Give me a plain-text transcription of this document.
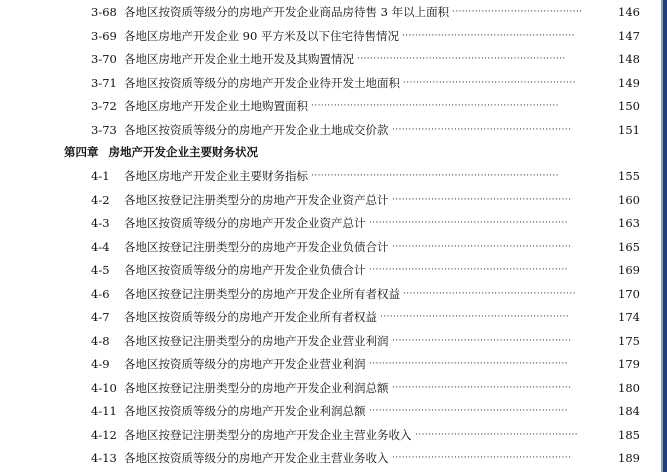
3-68 各地区按资质等级分的房地产开发企业商品房待售 3 年以上面积 ········································	146
3-69 各地区房地产开发企业 90 平方米及以下住宅待售情况 ·····················································	147
3-70 各地区房地产开发企业土地开发及其购置情况 ································································	148
3-71 各地区按资质等级分的房地产开发企业待开发土地面积 ·····················································	149
3-72 各地区房地产开发企业土地购置面积 ············································································	150
3-73 各地区按资质等级分的房地产开发企业土地成交价款 ·······················································	151
4-1 各地区房地产开发企业主要财务指标 ············································································	155
4-2 各地区按登记注册类型分的房地产开发企业资产总计 ·······················································	160
4-3 各地区按资质等级分的房地产开发企业资产总计 ·····························································	163
4-4 各地区按登记注册类型分的房地产开发企业负债合计 ·······················································	165
4-5 各地区按资质等级分的房地产开发企业负债合计 ·····························································	169
4-6 各地区按登记注册类型分的房地产开发企业所有者权益 ·····················································	170
4-7 各地区按资质等级分的房地产开发企业所有者权益 ··························································	174
4-8 各地区按登记注册类型分的房地产开发企业营业利润 ·······················································	175
4-9 各地区按资质等级分的房地产开发企业营业利润 ·····························································	179
4-10 各地区按登记注册类型分的房地产开发企业利润总额 ·······················································	180
4-11 各地区按资质等级分的房地产开发企业利润总额 ·····························································	184
4-12 各地区按登记注册类型分的房地产开发企业主营业务收入 ··················································	185
4-13 各地区按资质等级分的房地产开发企业主营业务收入 ·······················································	189
第四章 房地产开发企业主要财务状况
